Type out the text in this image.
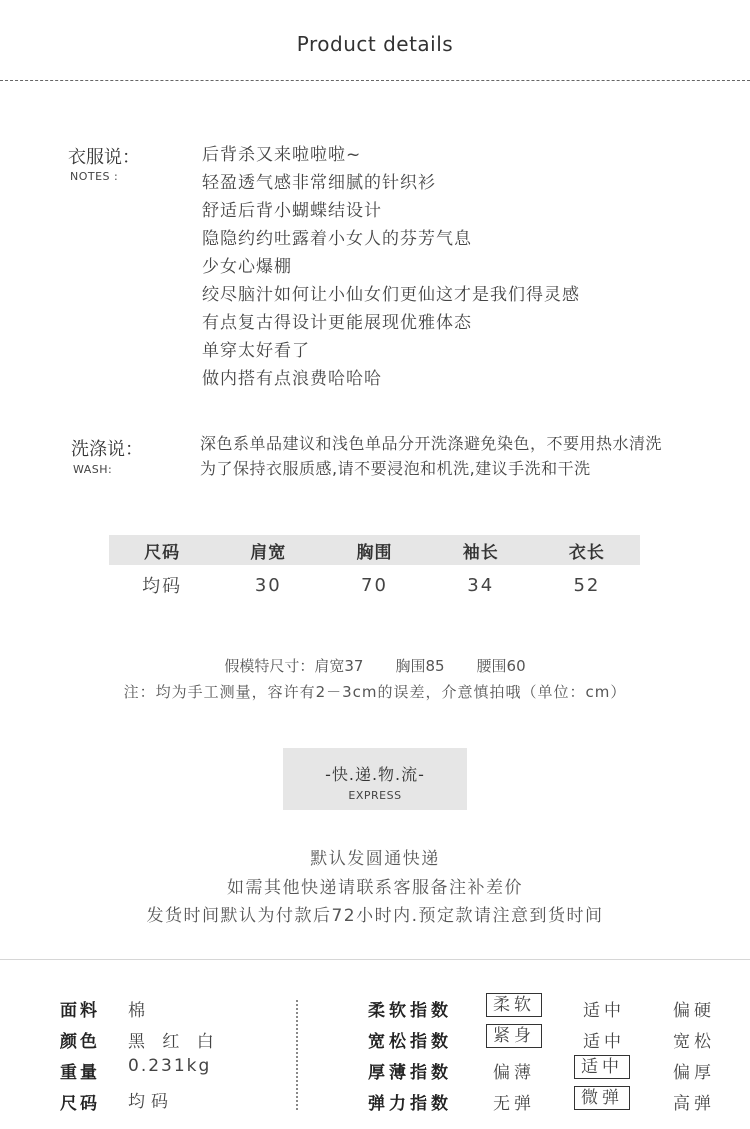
Product details
衣服说：
NOTES :
后背杀又来啦啦啦~
轻盈透气感非常细腻的针织衫
舒适后背小蝴蝶结设计
隐隐约约吐露着小女人的芬芳气息
少女心爆棚
绞尽脑汁如何让小仙女们更仙这才是我们得灵感
有点复古得设计更能展现优雅体态
单穿太好看了
做内搭有点浪费哈哈哈
洗涤说：
WASH:
深色系单品建议和浅色单品分开洗涤避免染色，不要用热水清洗
为了保持衣服质感,请不要浸泡和机洗,建议手洗和干洗
尺码	肩宽	胸围	袖长	衣长
均码	30	70	34	52
假模特尺寸：肩宽37 胸围85 腰围60
注：均为手工测量，容许有2－3cm的误差，介意慎拍哦（单位：cm）
-快.递.物.流-
EXPRESS
默认发圆通快递
如需其他快递请联系客服备注补差价
发货时间默认为付款后72小时内.预定款请注意到货时间
面料 棉
颜色 黑 红 白
重量 0.231kg
尺码 均码
柔软指数	柔软	适中	偏硬
宽松指数	紧身	适中	宽松
厚薄指数	偏薄	适中	偏厚
弹力指数	无弹	微弹	高弹
